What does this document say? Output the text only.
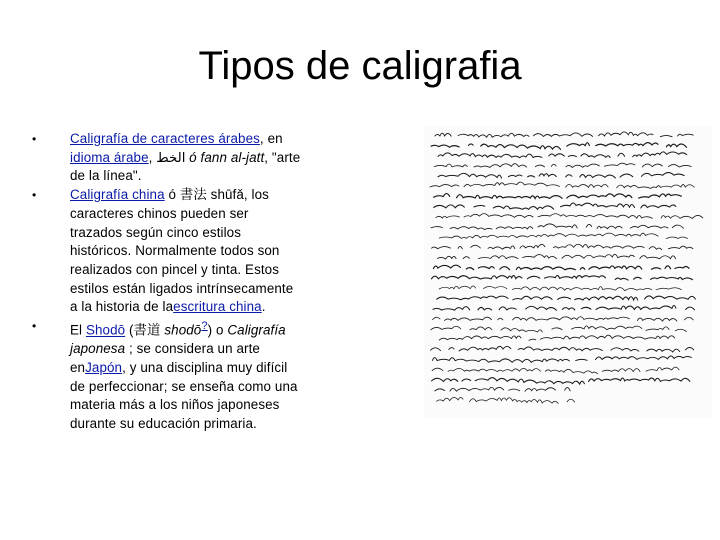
Tipos de caligrafia
•	Caligrafía de caracteres árabes, en idioma árabe, الخط ó fann al-jatt, "arte de la línea".
•	Caligrafía china ó 書法 shūfǎ, los caracteres chinos pueden ser trazados según cinco estilos históricos. Normalmente todos son realizados con pincel y tinta. Estos estilos están ligados intrínsecamente a la historia de laescritura china.
•	El Shodō (書道 shodō?) o Caligrafía japonesa ; se considera un arte enJapón, y una disciplina muy difícil de perfeccionar; se enseña como una materia más a los niños japoneses durante su educación primaria.
